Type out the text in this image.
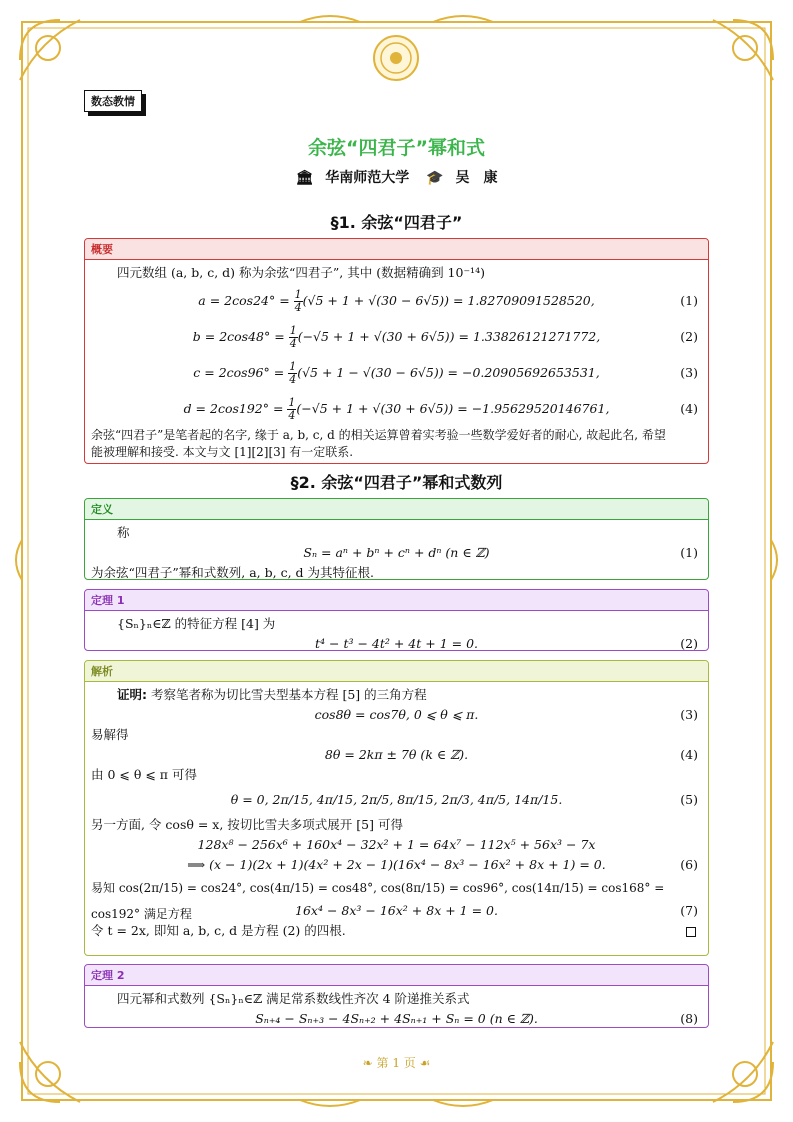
数态教情
余弦“四君子”幂和式
🏛 华南师范大学 🎓 吴　康
§1. 余弦“四君子”
概要
四元数组 (a, b, c, d) 称为余弦“四君子”, 其中 (数据精确到 10⁻¹⁴)
$a = 2\cos 24^\circ = \frac{1}{4} (√5 + 1 + √(30 - 6√5)) = 1.82709091528520$,	(1)
$b = 2\cos 48^\circ = \frac{1}{4} (-√5 + 1 + √(30 + 6√5)) = 1.33826121271772$,	(2)
$c = 2\cos 96^\circ = \frac{1}{4} (√5 + 1 - √(30 - 6√5)) = -0.20905692653531$,	(3)
$d = 2\cos 192^\circ = \frac{1}{4} (-√5 + 1 + √(30 + 6√5)) = -1.95629520146761$,	(4)
余弦“四君子”是笔者起的名字, 缘于 a, b, c, d 的相关运算曾着实考验一些数学爱好者的耐心, 故起此名, 希望
能被理解和接受. 本文与文 [1][2][3] 有一定联系.
§2. 余弦“四君子”幂和式数列
定义
称
Sₙ = aⁿ + bⁿ + cⁿ + dⁿ (n ∈ ℤ)	(1)
为余弦“四君子”幂和式数列, a, b, c, d 为其特征根.
定理 1
{Sₙ}ₙ∈ℤ 的特征方程 [4] 为
t⁴ − t³ − 4t² + 4t + 1 = 0.	(2)
解析
证明: 考察笔者称为切比雪夫型基本方程 [5] 的三角方程
cos8θ = cos7θ, 0 ⩽ θ ⩽ π.	(3)
易解得
8θ = 2kπ ± 7θ (k ∈ ℤ).	(4)
由 0 ⩽ θ ⩽ π 可得
θ = 0, 2π/15, 4π/15, 2π/5, 8π/15, 2π/3, 4π/5, 14π/15.	(5)
另一方面, 令 cosθ = x, 按切比雪夫多项式展开 [5] 可得
128x⁸ − 256x⁶ + 160x⁴ − 32x² + 1 = 64x⁷ − 112x⁵ + 56x³ − 7x
⟹ (x − 1)(2x + 1)(4x² + 2x − 1)(16x⁴ − 8x³ − 16x² + 8x + 1) = 0.	(6)
易知 cos(2π/15) = cos24°, cos(4π/15) = cos48°, cos(8π/15) = cos96°, cos(14π/15) = cos168° = cos192° 满足方程	16x⁴ − 8x³ − 16x² + 8x + 1 = 0.	(7)
令 t = 2x, 即知 a, b, c, d 是方程 (2) 的四根.
定理 2
四元幂和式数列 {Sₙ}ₙ∈ℤ 满足常系数线性齐次 4 阶递推关系式
Sₙ₊₄ − Sₙ₊₃ − 4Sₙ₊₂ + 4Sₙ₊₁ + Sₙ = 0 (n ∈ ℤ).	(8)
❧ 第 1 页 ☙
